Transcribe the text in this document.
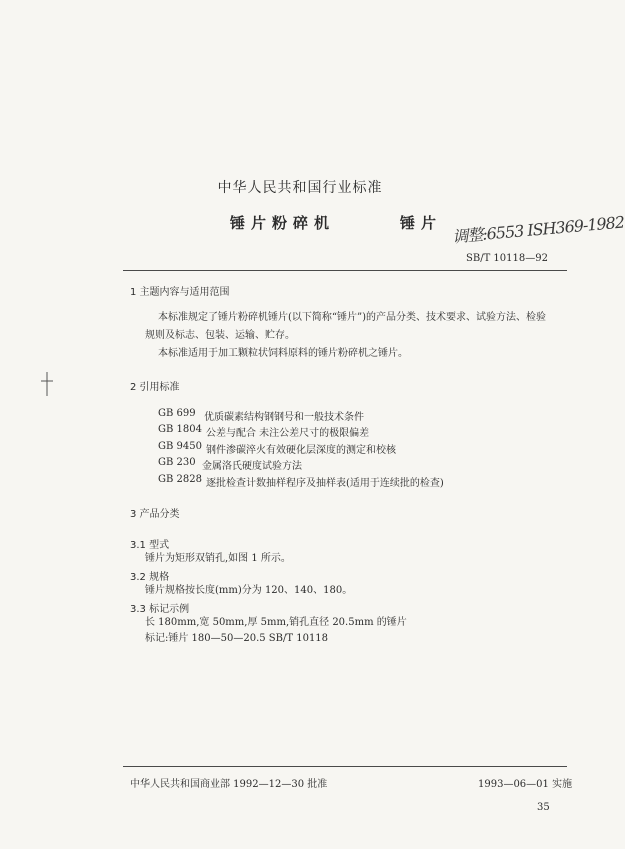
中华人民共和国行业标准
锤片粉碎机	锤片 调整:6553 ISH369-1982
SB/T 10118—92
1 主题内容与适用范围
本标准规定了锤片粉碎机锤片(以下简称“锤片”)的产品分类、技术要求、试验方法、检验
规则及标志、包装、运输、贮存。
本标准适用于加工颗粒状饲料原料的锤片粉碎机之锤片。
2 引用标准
GB 699 优质碳素结构钢钢号和一般技术条件
GB 1804 公差与配合 未注公差尺寸的极限偏差
GB 9450 钢件渗碳淬火有效硬化层深度的测定和校核
GB 230 金属洛氏硬度试验方法
GB 2828 逐批检查计数抽样程序及抽样表(适用于连续批的检查)
3 产品分类
3.1 型式
锤片为矩形双销孔,如图 1 所示。
3.2 规格
锤片规格按长度(mm)分为 120、140、180。
3.3 标记示例
长 180mm,宽 50mm,厚 5mm,销孔直径 20.5mm 的锤片
标记:锤片 180—50—20.5 SB/T 10118
中华人民共和国商业部 1992—12—30 批准	1993—06—01 实施
35
